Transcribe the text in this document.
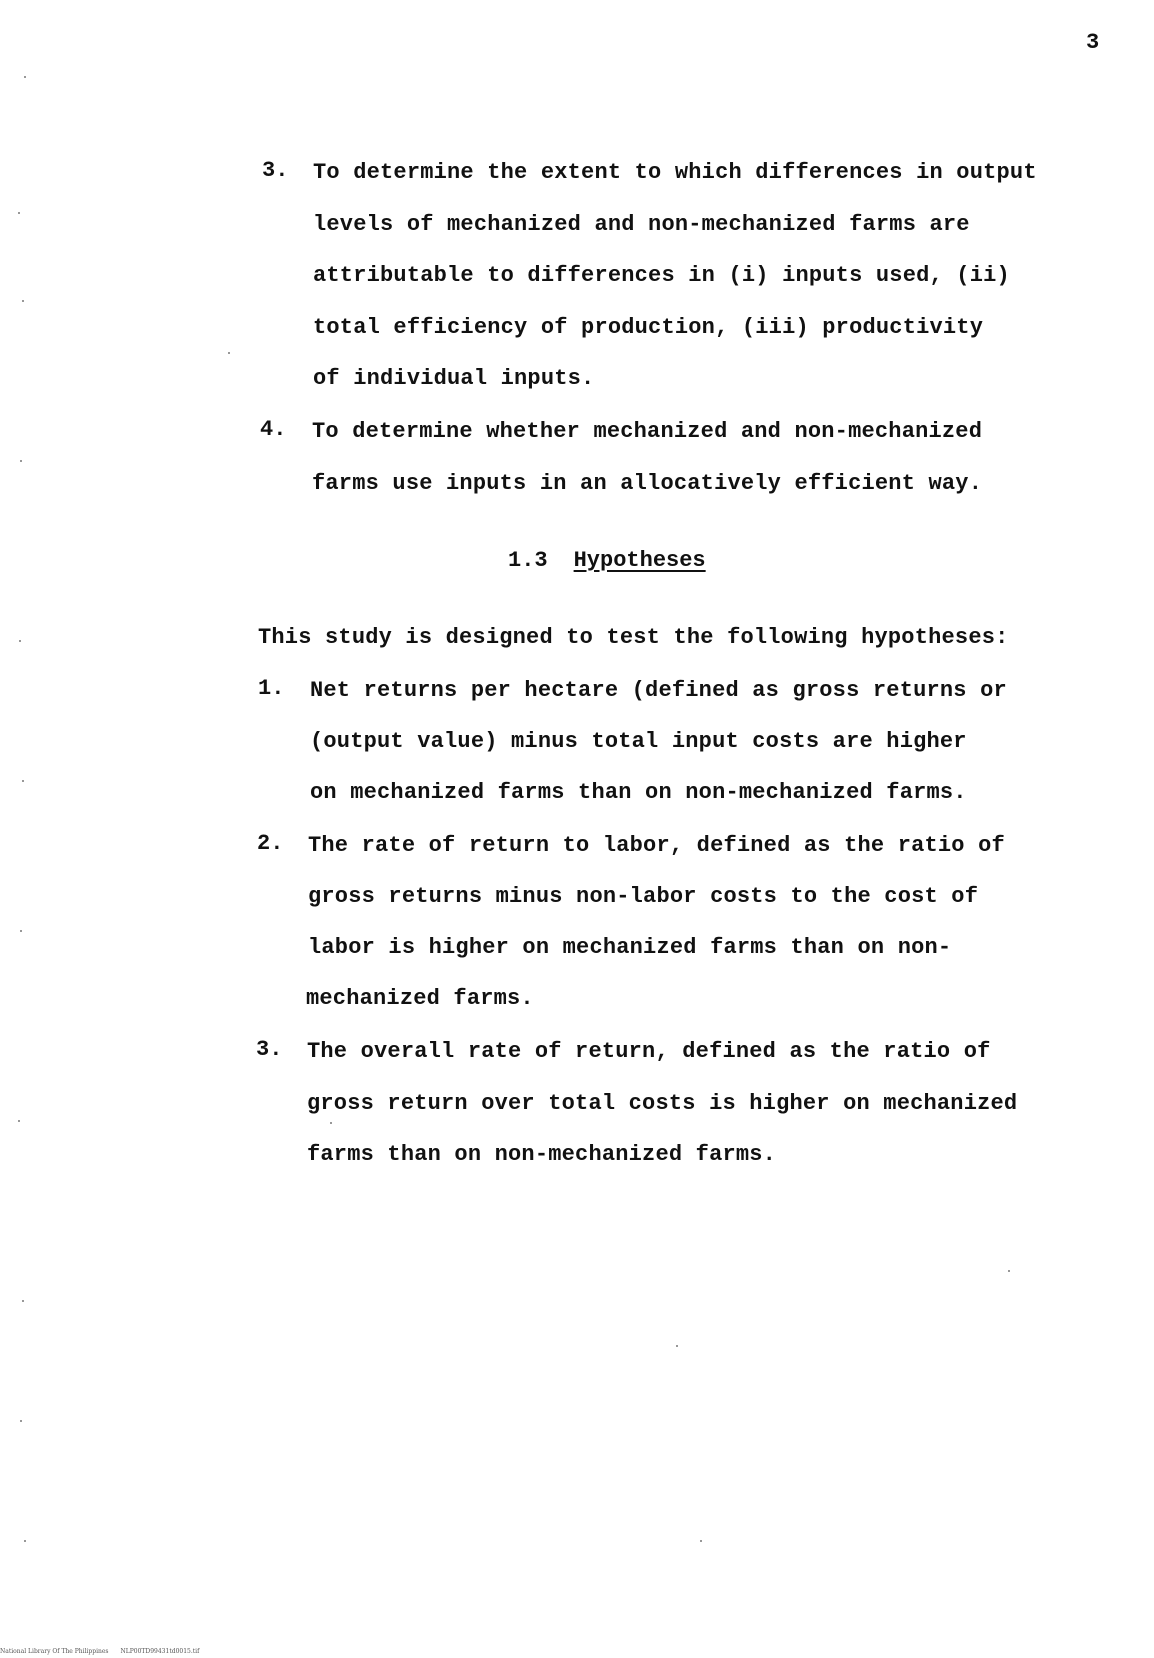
3
3. To determine the extent to which differences in output
levels of mechanized and non-mechanized farms are
attributable to differences in (i) inputs used, (ii)
total efficiency of production, (iii) productivity
of individual inputs.
4. To determine whether mechanized and non-mechanized
farms use inputs in an allocatively efficient way.
1.3 Hypotheses
This study is designed to test the following hypotheses:
1. Net returns per hectare (defined as gross returns or
(output value) minus total input costs are higher
on mechanized farms than on non-mechanized farms.
2. The rate of return to labor, defined as the ratio of
gross returns minus non-labor costs to the cost of
labor is higher on mechanized farms than on non-
mechanized farms.
3. The overall rate of return, defined as the ratio of
gross return over total costs is higher on mechanized
farms than on non-mechanized farms.
National Library Of The Philippines NLP00TD99431td0015.tif
